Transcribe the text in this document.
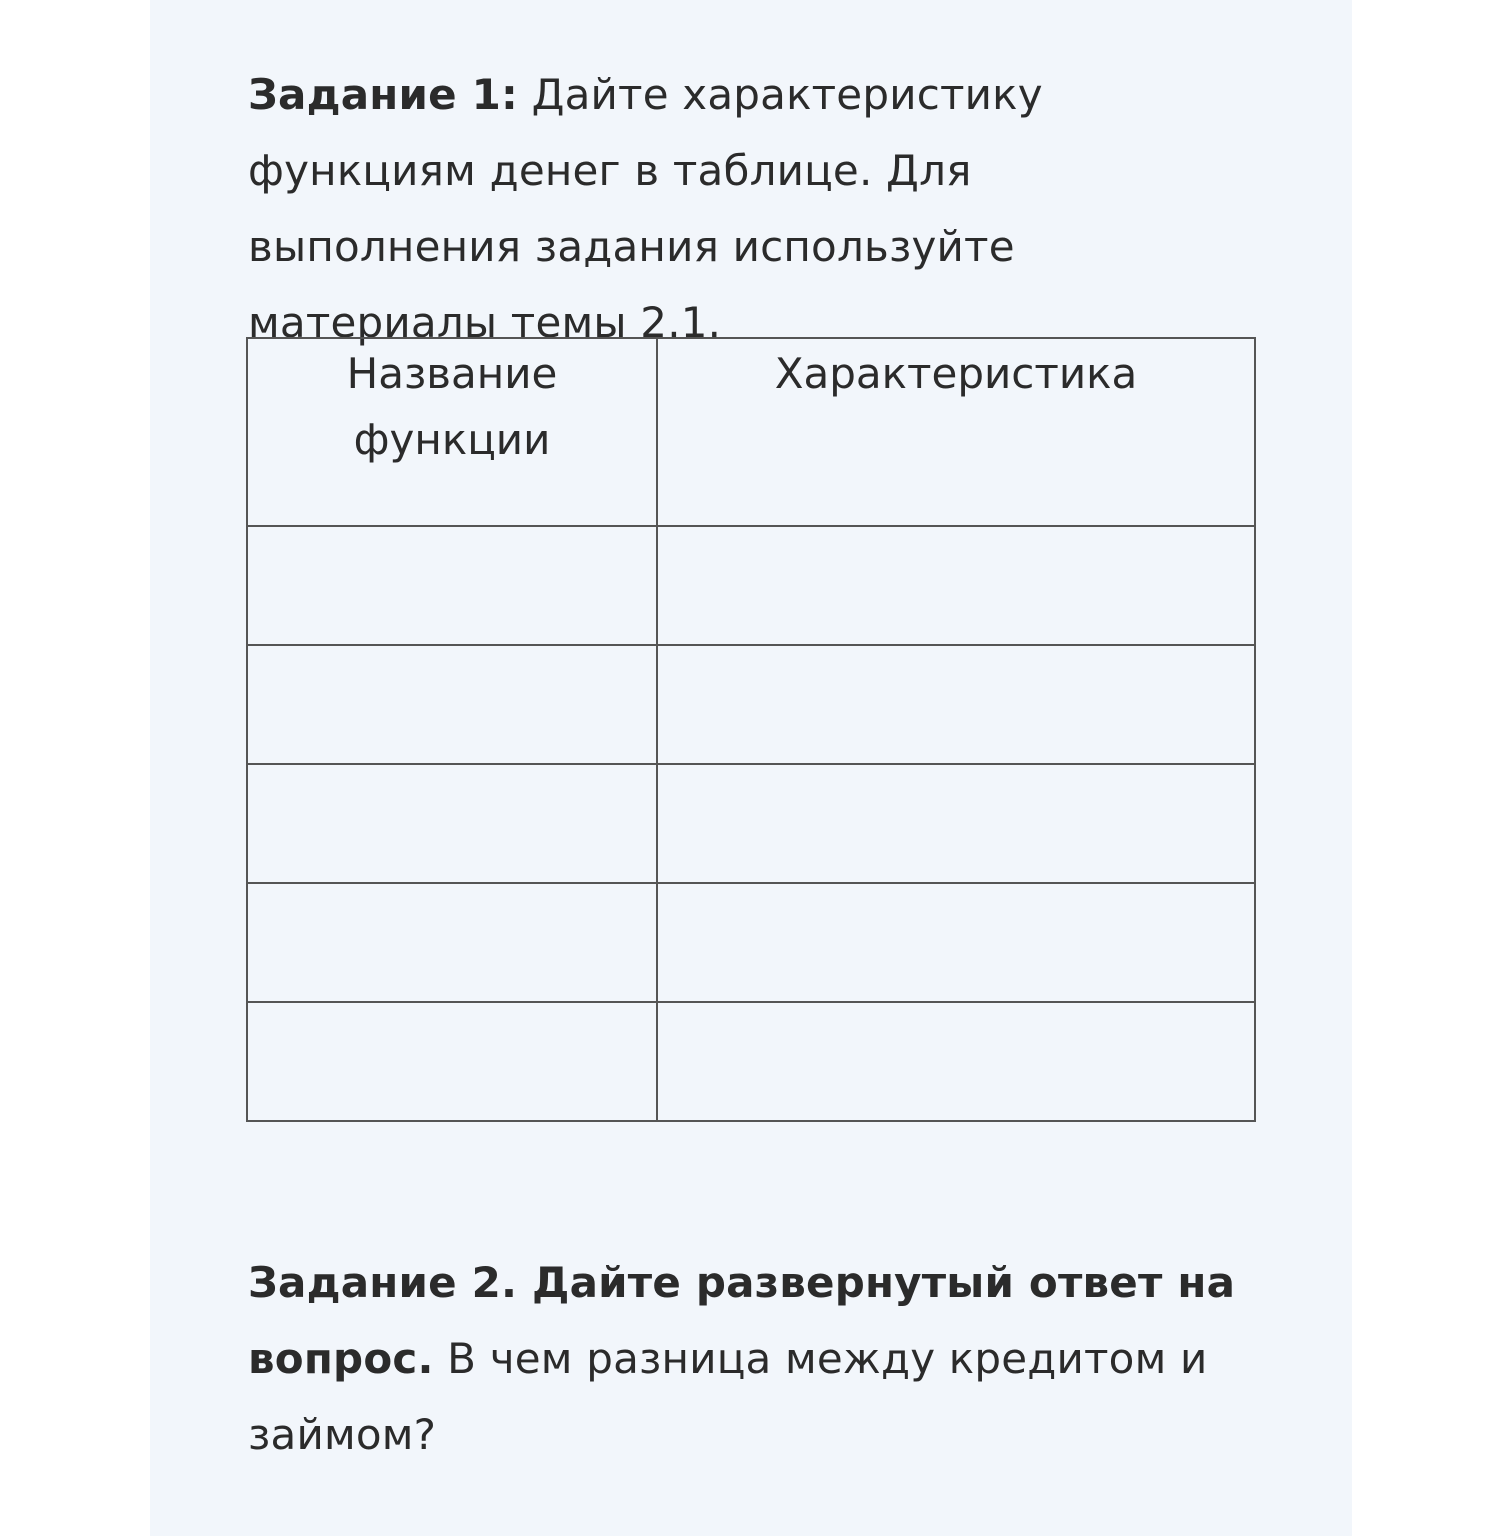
Задание 1: Дайте характеристику функциям денег в таблице. Для выполнения задания используйте материалы темы 2.1.

Название функции	Характеристика

Задание 2. Дайте развернутый ответ на вопрос. В чем разница между кредитом и займом?
